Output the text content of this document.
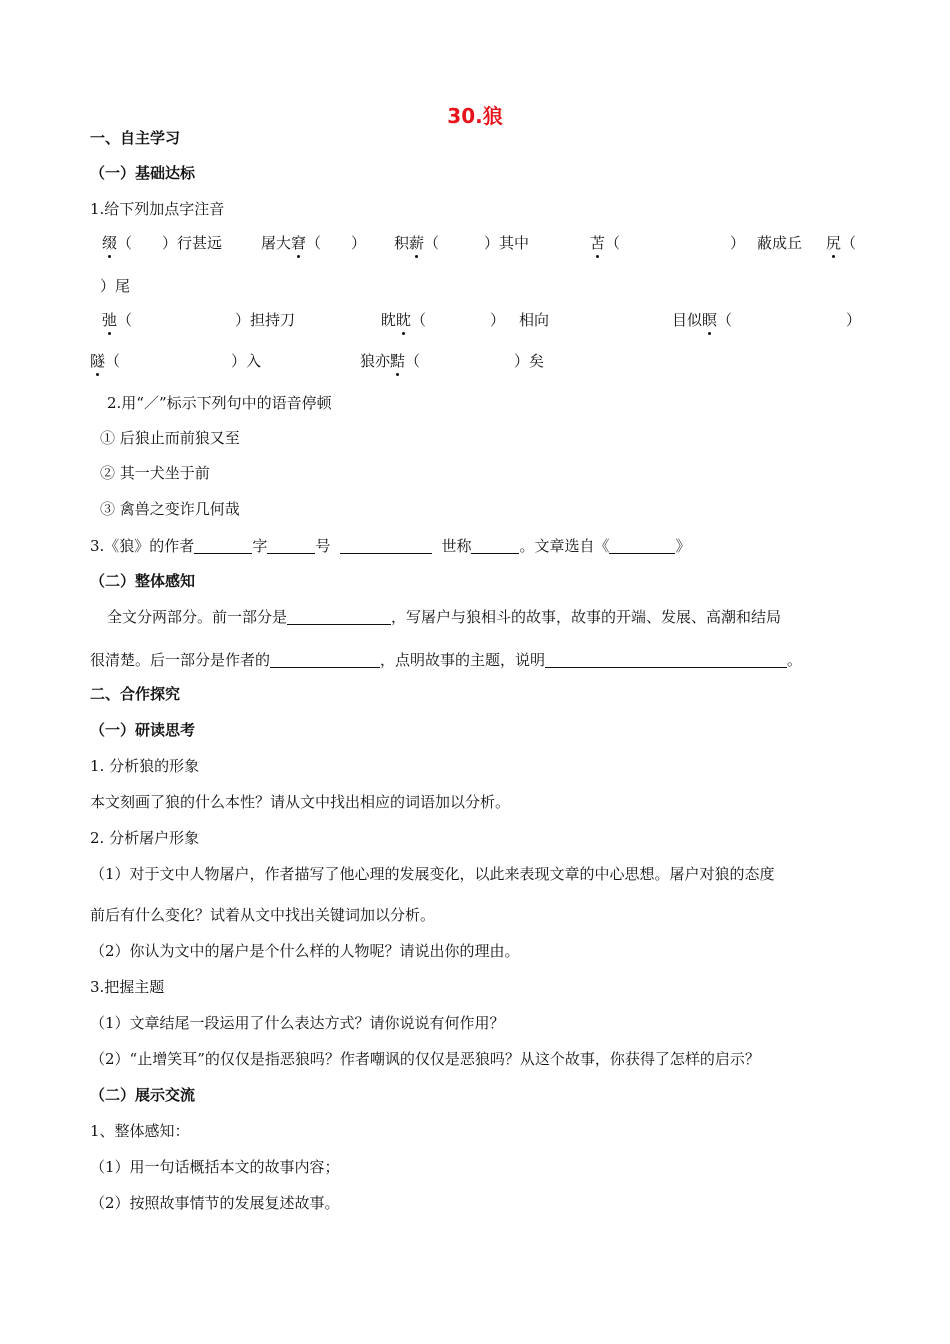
30.狼
一、自主学习
（一）基础达标
1.给下列加点字注音
缀（　　）行甚远	屠大窘（　　） 积薪（　　　）其中	苫（	） 蔽成丘 尻（
）尾
弛（	）担持刀	眈眈（	） 相向	目似瞑（	）
隧（	）入	狼亦黠（	）矣
2.用“／”标示下列句中的语音停顿
① 后狼止而前狼又至
② 其一犬坐于前
③ 禽兽之变诈几何哉
3.《狼》的作者	字	号	世称	。文章选自《	》
（二）整体感知
全文分两部分。前一部分是	，写屠户与狼相斗的故事，故事的开端、发展、高潮和结局
很清楚。后一部分是作者的	，点明故事的主题，说明	。
二、合作探究
（一）研读思考
1. 分析狼的形象
本文刻画了狼的什么本性？请从文中找出相应的词语加以分析。
2. 分析屠户形象
（1）对于文中人物屠户，作者描写了他心理的发展变化，以此来表现文章的中心思想。屠户对狼的态度
前后有什么变化？试着从文中找出关键词加以分析。
（2）你认为文中的屠户是个什么样的人物呢？请说出你的理由。
3.把握主题
（1）文章结尾一段运用了什么表达方式？请你说说有何作用？
（2）“止增笑耳”的仅仅是指恶狼吗？作者嘲讽的仅仅是恶狼吗？从这个故事，你获得了怎样的启示？
（二）展示交流
1、整体感知：
（1）用一句话概括本文的故事内容；
（2）按照故事情节的发展复述故事。
